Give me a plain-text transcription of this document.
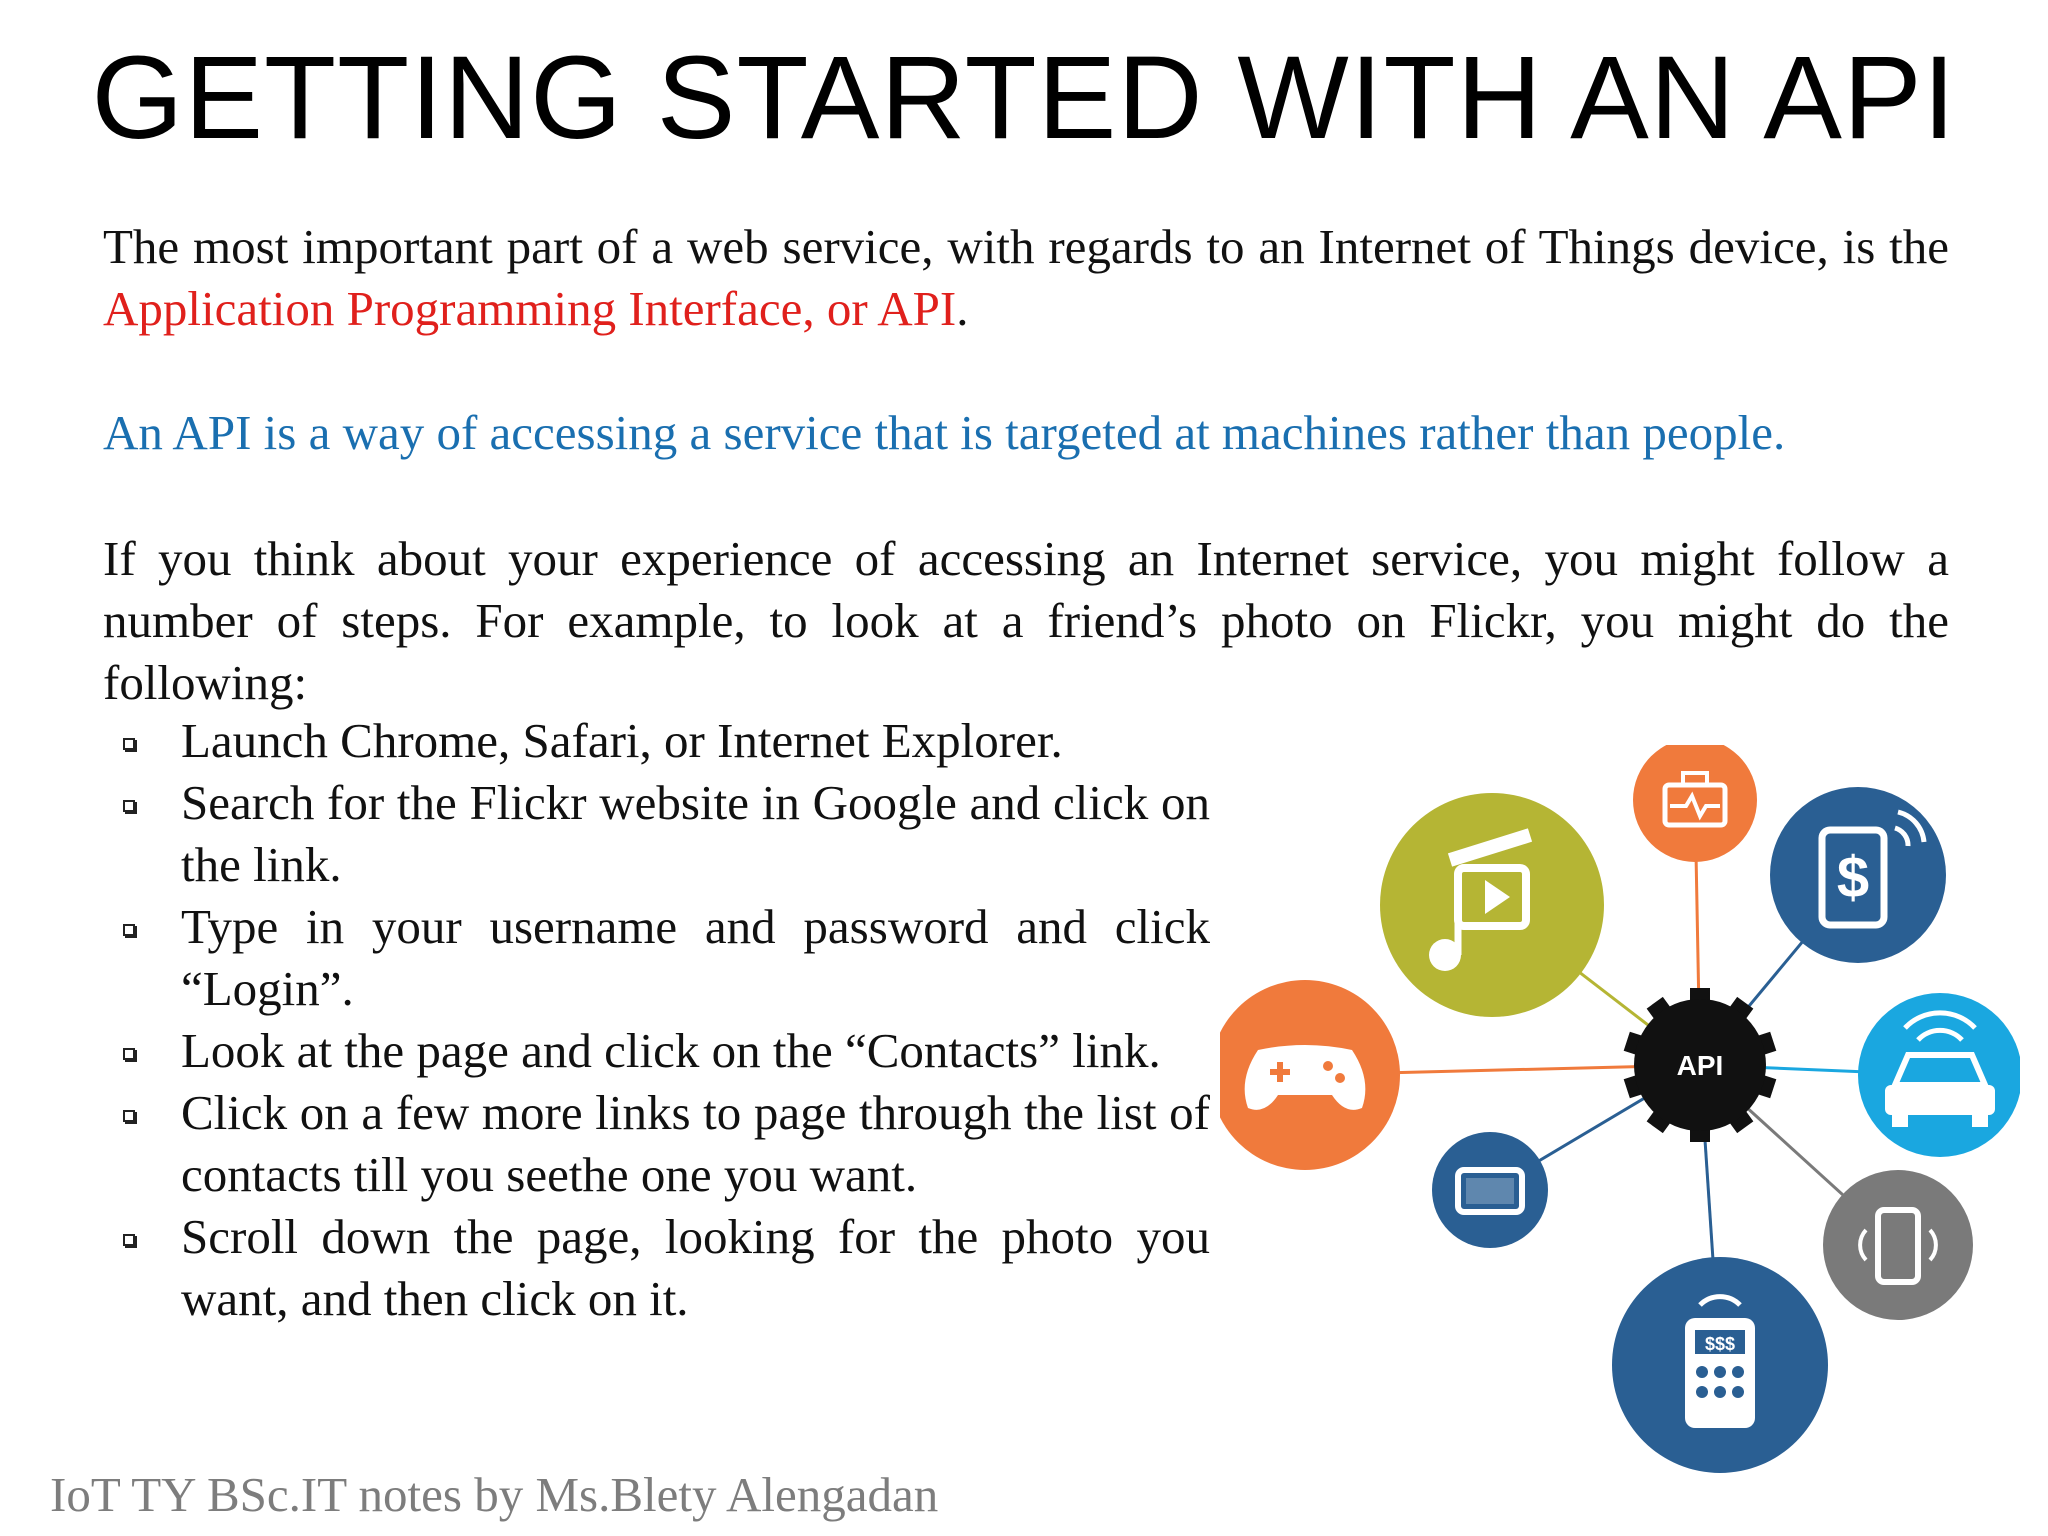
GETTING STARTED WITH AN API
The most important part of a web service, with regards to an Internet of Things device, is the Application Programming Interface, or API.
An API is a way of accessing a service that is targeted at machines rather than people.
If you think about your experience of accessing an Internet service, you might follow a number of steps. For example, to look at a friend’s photo on Flickr, you might do the following:
Launch Chrome, Safari, or Internet Explorer.
Search for the Flickr website in Google and click on the link.
Type in your username and password and click “Login”.
Look at the page and click on the “Contacts” link.
Click on a few more links to page through the list of contacts till you seethe one you want.
Scroll down the page, looking for the photo you want, and then click on it.
$
$$$
API
IoT TY BSc.IT notes by Ms.Blety Alengadan
